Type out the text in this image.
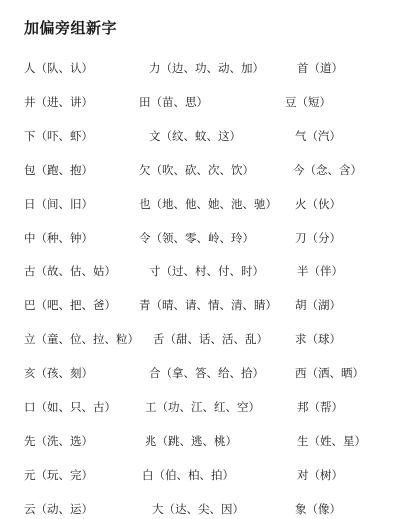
加偏旁组新字
人（队、认）	力（边、功、动、加）	首（道）
井（进、讲）	田（苗、思）	豆（短）
下（吓、虾）	文（纹、蚊、这）	气（汽）
包（跑、抱）	欠（吹、砍、次、饮）	今（念、含）
日（间、旧）	也（地、他、她、池、驰） 火（伙）
中（种、钟）	令（领、零、岭、玲）	刀（分）
古（故、估、姑）	寸（过、村、付、时）	半（伴）
巴（吧、把、爸） 青（晴、请、情、清、睛） 胡（湖）
立（童、位、拉、粒） 舌（甜、话、活、乱） 求（球）
亥（孩、刻）	合（拿、答、给、拾）	西（洒、晒）
口（如、只、古）	工（功、江、红、空）	邦（帮）
先（洗、选）	兆（跳、逃、桃）	生（姓、星）
元（玩、完）	白（伯、柏、拍）	对（树）
云（动、运）	大（达、尖、因）	象（像）
